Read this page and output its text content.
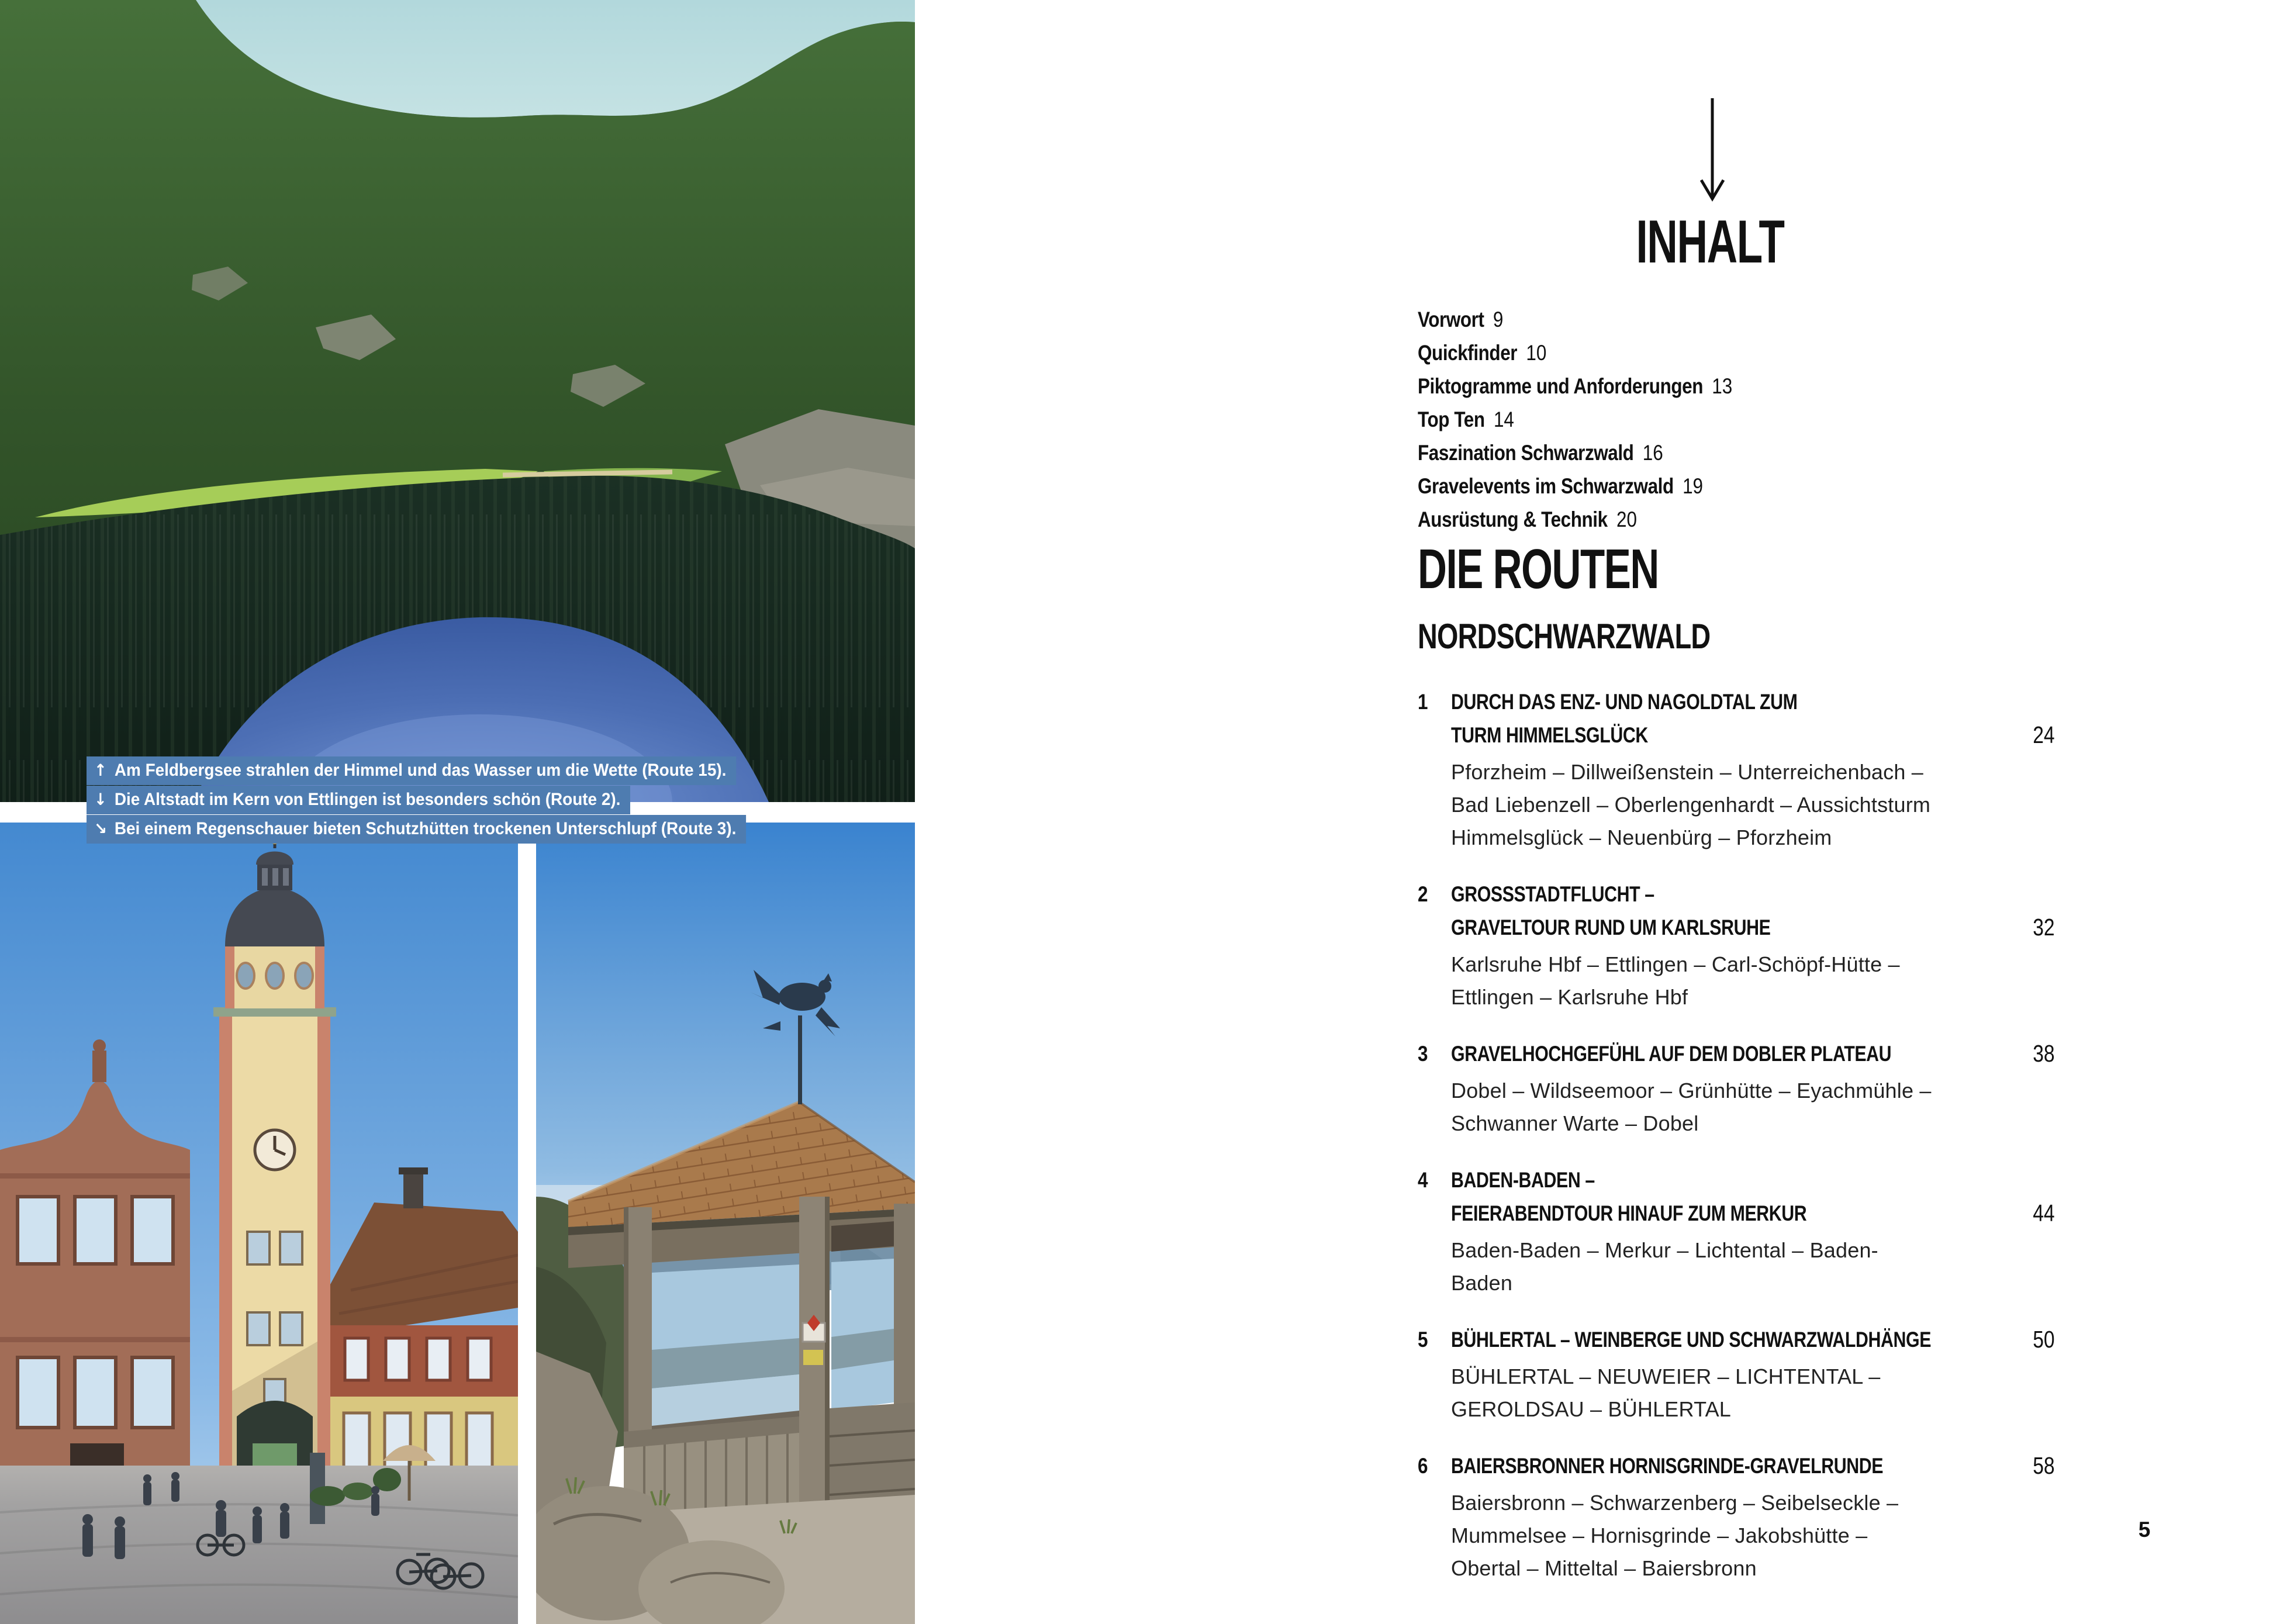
↑ Am Feldbergsee strahlen der Himmel und das Wasser um die Wette (Route 15).
↓ Die Altstadt im Kern von Ettlingen ist besonders schön (Route 2).
↘ Bei einem Regenschauer bieten Schutzhütten trockenen Unterschlupf (Route 3).
INHALT
Vorwort 9
Quickfinder 10
Piktogramme und Anforderungen 13
Top Ten 14
Faszination Schwarzwald 16
Gravelevents im Schwarzwald 19
Ausrüstung & Technik 20
DIE ROUTEN
NORDSCHWARZWALD
1 DURCH DAS ENZ- UND NAGOLDTAL ZUM
TURM HIMMELSGLÜCK
Pforzheim – Dillweißenstein – Unterreichenbach – Bad Liebenzell – Oberlengenhardt – Aussichtsturm Himmelsglück – Neuenbürg – Pforzheim
24
2 GROSSSTADTFLUCHT –
GRAVELTOUR RUND UM KARLSRUHE
Karlsruhe Hbf – Ettlingen – Carl-Schöpf-Hütte – Ettlingen – Karlsruhe Hbf
32
3 GRAVELHOCHGEFÜHL AUF DEM DOBLER PLATEAU
Dobel – Wildseemoor – Grünhütte – Eyachmühle – Schwanner Warte – Dobel
38
4 BADEN-BADEN –
FEIERABENDTOUR HINAUF ZUM MERKUR
Baden-Baden – Merkur – Lichtental – Baden-Baden
44
5 BÜHLERTAL – WEINBERGE UND SCHWARZWALDHÄNGE
BÜHLERTAL – NEUWEIER – LICHTENTAL – GEROLDSAU – BÜHLERTAL
50
6 BAIERSBRONNER HORNISGRINDE-GRAVELRUNDE
Baiersbronn – Schwarzenberg – Seibelseckle – Mummelsee – Hornisgrinde – Jakobshütte – Obertal – Mitteltal – Baiersbronn
58
5
